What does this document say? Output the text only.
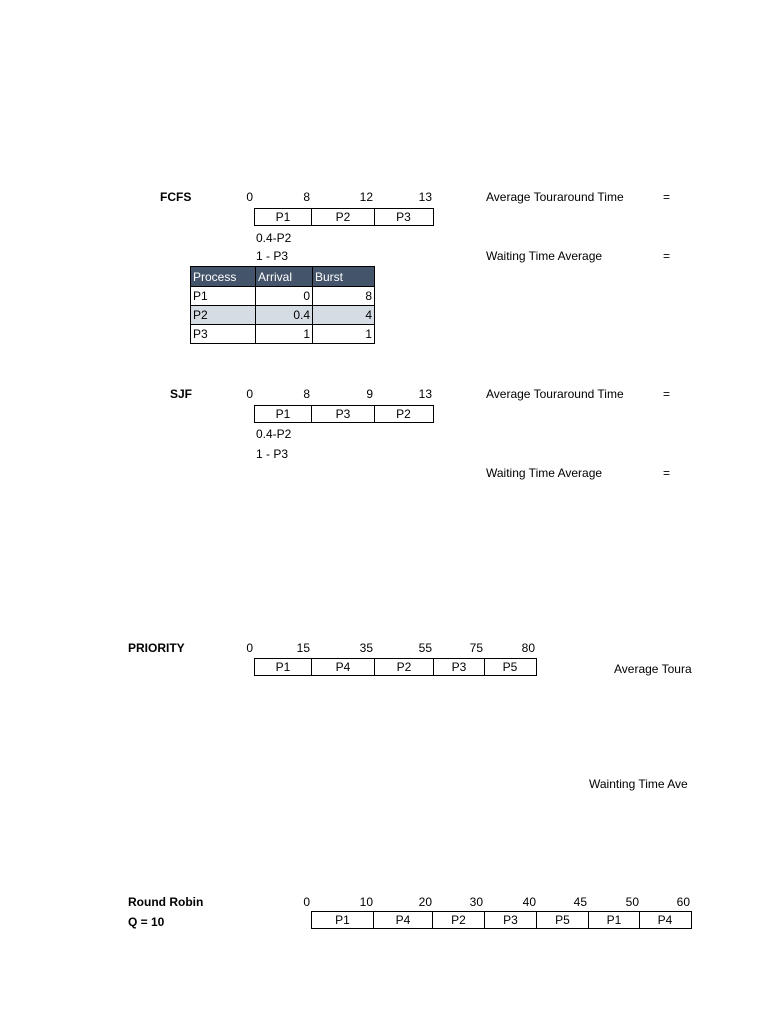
FCFS	0	8	12	13
P1	P2	P3
0.4-P2
1 - P3
Average Touraround Time	=
Waiting Time Average	=
Process	Arrival	Burst
P1	0	8
P2	0.4	4
P3	1	1
SJF	0	8	9	13
P1	P3	P2
0.4-P2
1 - P3
Average Touraround Time	=
Waiting Time Average	=
PRIORITY	0	15	35	55	75	80
P1	P4	P2	P3	P5	Average Toura
Wainting Time Ave
Round Robin
Q = 10
0	10	20	30	40	45	50	60
P1	P4	P2	P3	P5	P1	P4
